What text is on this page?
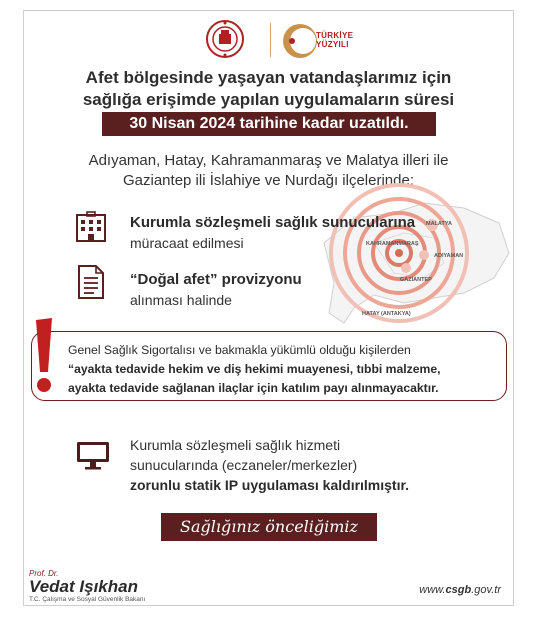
TÜRKİYE YÜZYILI
Afet bölgesinde yaşayan vatandaşlarımız için
sağlığa erişimde yapılan uygulamaların süresi
30 Nisan 2024 tarihine kadar uzatıldı.
Adıyaman, Hatay, Kahramanmaraş ve Malatya illeri ile
Gaziantep ili İslahiye ve Nurdağı ilçelerinde;
MALATYA
KAHRAMANMARAŞ
ADIYAMAN
GAZİANTEP
HATAY (ANTAKYA)
Kurumla sözleşmeli sağlık sunucularına
müracaat edilmesi
“Doğal afet” provizyonu
alınması halinde
Genel Sağlık Sigortalısı ve bakmakla yükümlü olduğu kişilerden
“ayakta tedavide hekim ve diş hekimi muayenesi, tıbbi malzeme,
ayakta tedavide sağlanan ilaçlar için katılım payı alınmayacaktır.
Kurumla sözleşmeli sağlık hizmeti
sunucularında (eczaneler/merkezler)
zorunlu statik IP uygulaması kaldırılmıştır.
Sağlığınız önceliğimiz
Prof. Dr.
Vedat Işıkhan
T.C. Çalışma ve Sosyal Güvenlik Bakanı
www.csgb.gov.tr
